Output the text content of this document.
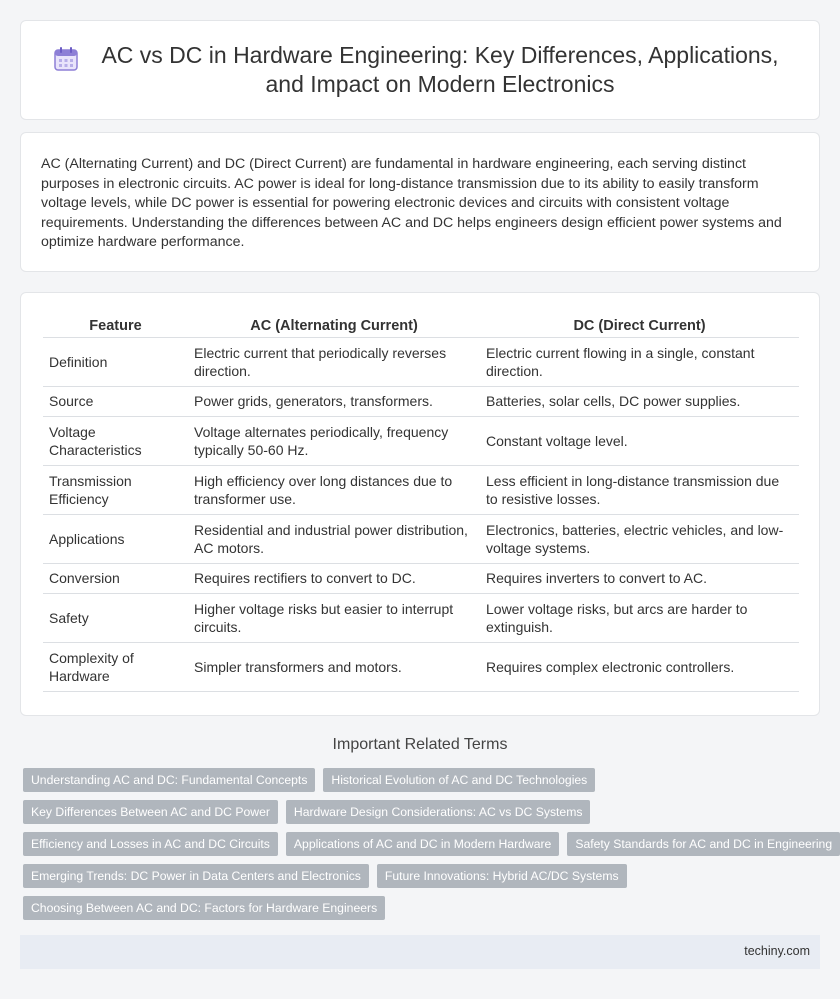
AC vs DC in Hardware Engineering: Key Differences, Applications, and Impact on Modern Electronics

AC (Alternating Current) and DC (Direct Current) are fundamental in hardware engineering, each serving distinct purposes in electronic circuits. AC power is ideal for long-distance transmission due to its ability to easily transform voltage levels, while DC power is essential for powering electronic devices and circuits with consistent voltage requirements. Understanding the differences between AC and DC helps engineers design efficient power systems and optimize hardware performance.

Feature	AC (Alternating Current)	DC (Direct Current)
Definition	Electric current that periodically reverses direction.	Electric current flowing in a single, constant direction.
Source	Power grids, generators, transformers.	Batteries, solar cells, DC power supplies.
Voltage Characteristics	Voltage alternates periodically, frequency typically 50-60 Hz.	Constant voltage level.
Transmission Efficiency	High efficiency over long distances due to transformer use.	Less efficient in long-distance transmission due to resistive losses.
Applications	Residential and industrial power distribution, AC motors.	Electronics, batteries, electric vehicles, and low-voltage systems.
Conversion	Requires rectifiers to convert to DC.	Requires inverters to convert to AC.
Safety	Higher voltage risks but easier to interrupt circuits.	Lower voltage risks, but arcs are harder to extinguish.
Complexity of Hardware	Simpler transformers and motors.	Requires complex electronic controllers.
Important Related Terms
Understanding AC and DC: Fundamental Concepts	Historical Evolution of AC and DC Technologies
Key Differences Between AC and DC Power	Hardware Design Considerations: AC vs DC Systems
Efficiency and Losses in AC and DC Circuits	Applications of AC and DC in Modern Hardware	Safety Standards for AC and DC in Engineering
Emerging Trends: DC Power in Data Centers and Electronics	Future Innovations: Hybrid AC/DC Systems
Choosing Between AC and DC: Factors for Hardware Engineers
techiny.com
